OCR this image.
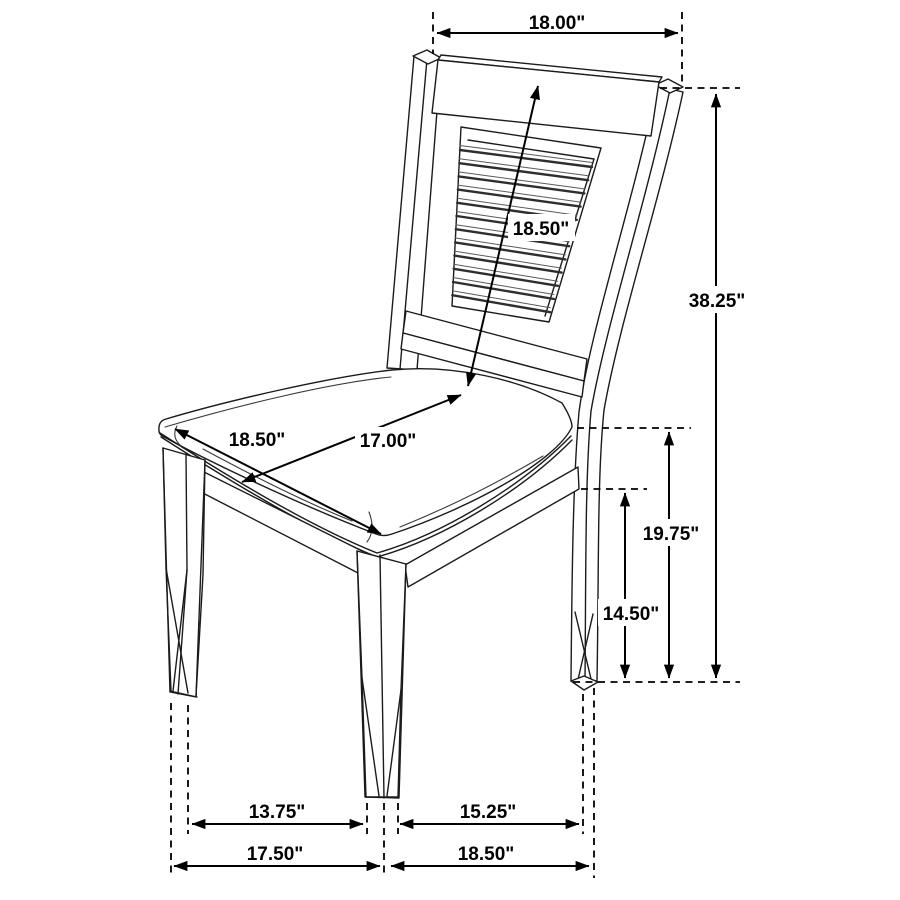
18.00"
38.25"
18.50"
17.00"
18.50"
19.75"
14.50"
13.75"	15.25"
17.50"	18.50"
